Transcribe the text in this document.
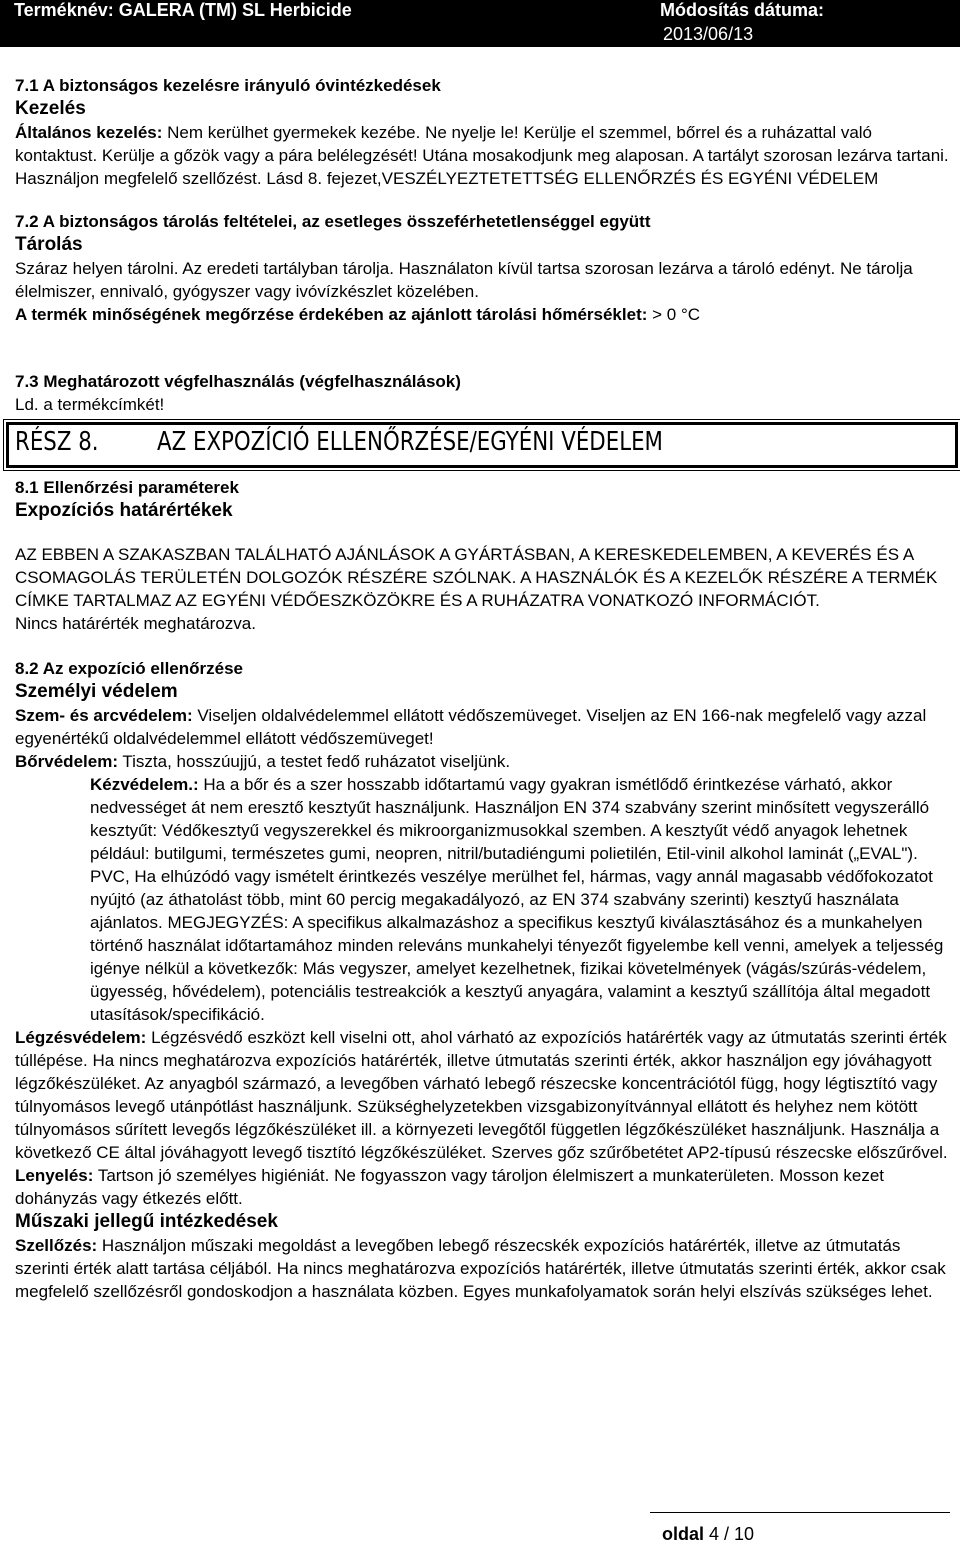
Terméknév: GALERA (TM) SL Herbicide	Módosítás dátuma:
2013/06/13

7.1 A biztonságos kezelésre irányuló óvintézkedések

Kezelés

Általános kezelés: Nem kerülhet gyermekek kezébe. Ne nyelje le! Kerülje el szemmel, bőrrel és a ruházattal való kontaktust. Kerülje a gőzök vagy a pára belélegzését! Utána mosakodjunk meg alaposan. A tartályt szorosan lezárva tartani. Használjon megfelelő szellőzést. Lásd 8. fejezet,VESZÉLYEZTETETTSÉG ELLENŐRZÉS ÉS EGYÉNI VÉDELEM

7.2 A biztonságos tárolás feltételei, az esetleges összeférhetetlenséggel együtt

Tárolás

Száraz helyen tárolni. Az eredeti tartályban tárolja. Használaton kívül tartsa szorosan lezárva a tároló edényt. Ne tárolja élelmiszer, ennivaló, gyógyszer vagy ivóvízkészlet közelében.

A termék minőségének megőrzése érdekében az ajánlott tárolási hőmérséklet: > 0 °C

7.3 Meghatározott végfelhasználás (végfelhasználások)

Ld. a termékcímkét!

RÉSZ 8. AZ EXPOZÍCIÓ ELLENŐRZÉSE/EGYÉNI VÉDELEM

8.1 Ellenőrzési paraméterek

Expozíciós határértékek

AZ EBBEN A SZAKASZBAN TALÁLHATÓ AJÁNLÁSOK A GYÁRTÁSBAN, A KERESKEDELEMBEN, A KEVERÉS ÉS A CSOMAGOLÁS TERÜLETÉN DOLGOZÓK RÉSZÉRE SZÓLNAK. A HASZNÁLÓK ÉS A KEZELŐK RÉSZÉRE A TERMÉK CÍMKE TARTALMAZ AZ EGYÉNI VÉDŐESZKÖZÖKRE ÉS A RUHÁZATRA VONATKOZÓ INFORMÁCIÓT.

Nincs határérték meghatározva.

8.2 Az expozíció ellenőrzése

Személyi védelem

Szem- és arcvédelem: Viseljen oldalvédelemmel ellátott védőszemüveget. Viseljen az EN 166-nak megfelelő vagy azzal egyenértékű oldalvédelemmel ellátott védőszemüveget!

Bőrvédelem: Tiszta, hosszúujjú, a testet fedő ruházatot viseljünk.

Kézvédelem.: Ha a bőr és a szer hosszabb időtartamú vagy gyakran ismétlődő érintkezése várható, akkor nedvességet át nem eresztő kesztyűt használjunk. Használjon EN 374 szabvány szerint minősített vegyszerálló kesztyűt: Védőkesztyű vegyszerekkel és mikroorganizmusokkal szemben. A kesztyűt védő anyagok lehetnek például: butilgumi, természetes gumi, neopren, nitril/butadiéngumi polietilén, Etil-vinil alkohol laminát („EVAL"). PVC, Ha elhúzódó vagy ismételt érintkezés veszélye merülhet fel, hármas, vagy annál magasabb védőfokozatot nyújtó (az áthatolást több, mint 60 percig megakadályozó, az EN 374 szabvány szerinti) kesztyű használata ajánlatos. MEGJEGYZÉS: A specifikus alkalmazáshoz a specifikus kesztyű kiválasztásához és a munkahelyen történő használat időtartamához minden releváns munkahelyi tényezőt figyelembe kell venni, amelyek a teljesség igénye nélkül a következők: Más vegyszer, amelyet kezelhetnek, fizikai követelmények (vágás/szúrás-védelem, ügyesség, hővédelem), potenciális testreakciók a kesztyű anyagára, valamint a kesztyű szállítója által megadott utasítások/specifikáció.

Légzésvédelem: Légzésvédő eszközt kell viselni ott, ahol várható az expozíciós határérték vagy az útmutatás szerinti érték túllépése. Ha nincs meghatározva expozíciós határérték, illetve útmutatás szerinti érték, akkor használjon egy jóváhagyott légzőkészüléket. Az anyagból származó, a levegőben várható lebegő részecske koncentrációtól függ, hogy légtisztító vagy túlnyomásos levegő utánpótlást használjunk. Szükséghelyzetekben vizsgabizonyítvánnyal ellátott és helyhez nem kötött túlnyomásos sűrített levegős légzőkészüléket ill. a környezeti levegőtől független légzőkészüléket használjunk. Használja a következő CE által jóváhagyott levegő tisztító légzőkészüléket. Szerves gőz szűrőbetétet AP2-típusú részecske előszűrővel.

Lenyelés: Tartson jó személyes higiéniát. Ne fogyasszon vagy tároljon élelmiszert a munkaterületen. Mosson kezet dohányzás vagy étkezés előtt.

Műszaki jellegű intézkedések

Szellőzés: Használjon műszaki megoldást a levegőben lebegő részecskék expozíciós határérték, illetve az útmutatás szerinti érték alatt tartása céljából. Ha nincs meghatározva expozíciós határérték, illetve útmutatás szerinti érték, akkor csak megfelelő szellőzésről gondoskodjon a használata közben. Egyes munkafolyamatok során helyi elszívás szükséges lehet.

oldal 4 / 10
